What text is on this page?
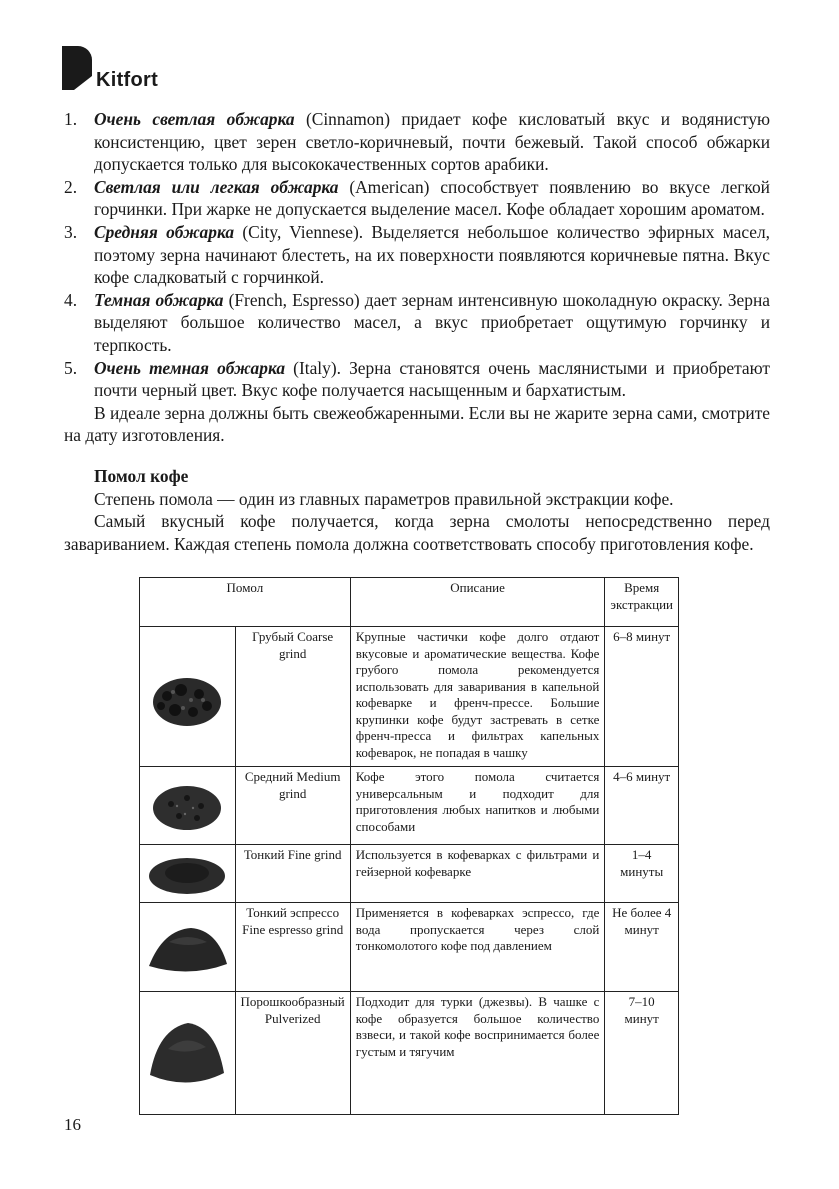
Kitfort
1. Очень светлая обжарка (Cinnamon) придает кофе кисловатый вкус и водянистую консистенцию, цвет зерен светло-коричневый, почти бежевый. Такой способ обжарки допускается только для высококачественных сортов арабики.
2. Светлая или легкая обжарка (American) способствует появлению во вкусе легкой горчинки. При жарке не допускается выделение масел. Кофе обладает хорошим ароматом.
3. Средняя обжарка (City, Viennese). Выделяется небольшое количество эфирных масел, поэтому зерна начинают блестеть, на их поверхности появляются коричневые пятна. Вкус кофе сладковатый с горчинкой.
4. Темная обжарка (French, Espresso) дает зернам интенсивную шоколадную окраску. Зерна выделяют большое количество масел, а вкус приобретает ощутимую горчинку и терпкость.
5. Очень темная обжарка (Italy). Зерна становятся очень маслянистыми и приобретают почти черный цвет. Вкус кофе получается насыщенным и бархатистым.

В идеале зерна должны быть свежеобжаренными. Если вы не жарите зерна сами, смотрите на дату изготовления.

Помол кофе

Степень помола — один из главных параметров правильной экстракции кофе.

Самый вкусный кофе получается, когда зерна смолоты непосредственно перед завариванием. Каждая степень помола должна соответствовать способу приготовления кофе.

Помол		Описание	Время экстракции

	Грубый Coarse grind	Крупные частички кофе долго отдают вкусовые и ароматические вещества. Кофе грубого помола рекомендуется использовать для заваривания в капельной кофеварке и френч-прессе. Большие крупинки кофе будут застревать в сетке френч-пресса и фильтрах капельных кофеварок, не попадая в чашку	6–8 минут

	Средний Medium grind	Кофе этого помола считается универсальным и подходит для приготовления любых напитков и любыми способами	4–6 минут

	Тонкий Fine grind	Используется в кофеварках с фильтрами и гейзерной кофеварке	1–4 минуты

	Тонкий эспрессо Fine espresso grind	Применяется в кофеварках эспрессо, где вода пропускается через слой тонкомолотого кофе под давлением	Не более 4 минут

	Порошкообразный Pulverized	Подходит для турки (джезвы). В чашке с кофе образуется большое количество взвеси, и такой кофе воспринимается более густым и тягучим	7–10 минут
16
